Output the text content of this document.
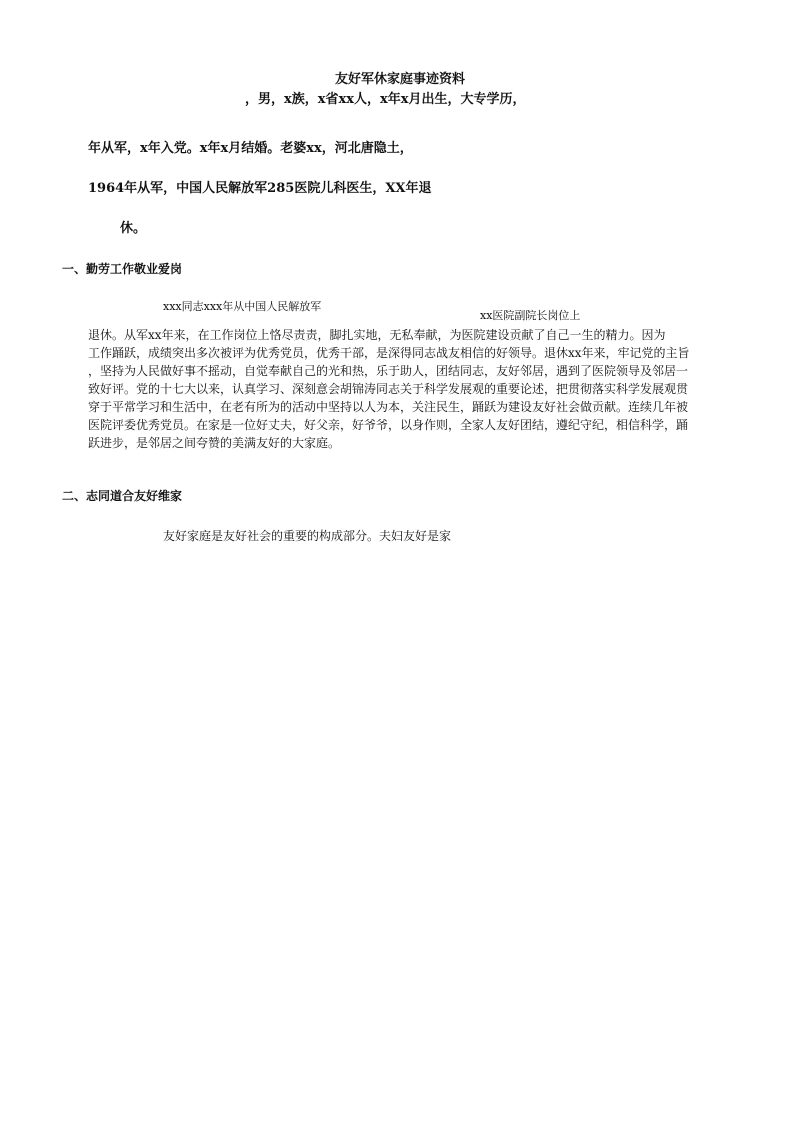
友好军休家庭事迹资料

，男，x族，x省xx人，x年x月出生，大专学历，

年从军，x年入党。x年x月结婚。老婆xx，河北唐隐土，

1964年从军，中国人民解放军285医院儿科医生，XX年退

休。

一、勤劳工作敬业爱岗

xxx同志xxx年从中国人民解放军

xx医院副院长岗位上

退休。从军xx年来，在工作岗位上恪尽责责，脚扎实地，无私奉献，为医院建设贡献了自己一生的精力。因为
工作踊跃，成绩突出多次被评为优秀党员，优秀干部，是深得同志战友相信的好领导。退休xx年来，牢记党的主旨
，坚持为人民做好事不摇动，自觉奉献自己的光和热，乐于助人，团结同志，友好邻居，遇到了医院领导及邻居一
致好评。党的十七大以来，认真学习、深刻意会胡锦涛同志关于科学发展观的重要论述，把贯彻落实科学发展观贯
穿于平常学习和生活中，在老有所为的活动中坚持以人为本，关注民生，踊跃为建设友好社会做贡献。连续几年被
医院评委优秀党员。在家是一位好丈夫，好父亲，好爷爷，以身作则，全家人友好团结，遵纪守纪，相信科学，踊
跃进步，是邻居之间夸赞的美满友好的大家庭。
二、志同道合友好维家

友好家庭是友好社会的重要的构成部分。夫妇友好是家
